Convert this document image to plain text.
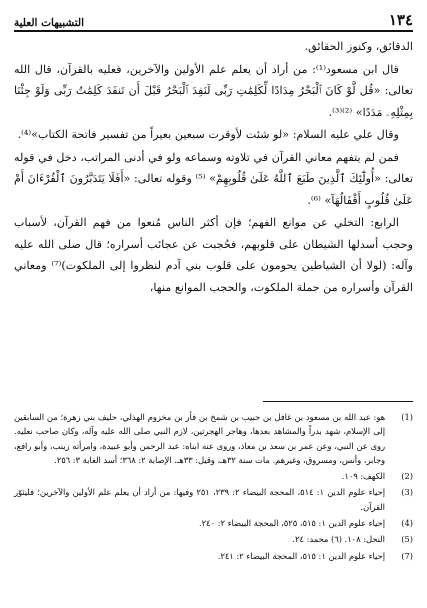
١٣٤
التشبيهات العلية

الدقائق، وكنوز الحقائق.

قال ابن مسعود⁽¹⁾: من أراد أن يعلم علم الأولين والآخرين، فعليه بالقرآن، قال الله تعالى: «قُل لَّوْ كَانَ ٱلْبَحْرُ مِدَادًا لِّكَلِمَٰتِ رَبِّى لَنَفِدَ ٱلْبَحْرُ قَبْلَ أَن تَنفَدَ كَلِمَٰتُ رَبِّى وَلَوْ جِئْنَا بِمِثْلِهِۦ مَدَدًا» ⁽²⁾⁽³⁾.

وقال علي عليه السلام: «لو شئت لأوقرت سبعين بعيراً من تفسير فاتحة الكتاب»⁽⁴⁾.

فمن لم يتفهم معاني القرآن في تلاوته وسماعه ولو في أدنى المراتب، دخل في قوله تعالى: «أُولَٰٓئِكَ ٱلَّذِينَ طَبَعَ ٱللَّهُ عَلَىٰ قُلُوبِهِمْ» ⁽⁵⁾ وقوله تعالى: «أَفَلَا يَتَدَبَّرُونَ ٱلْقُرْءَانَ أَمْ عَلَىٰ قُلُوبٍ أَقْفَالُهَآ» ⁽⁶⁾.

الرابع: التخلي عن موانع الفهم؛ فإن أكثر الناس مُنعوا من فهم القرآن، لأسباب وحجب أسدلها الشيطان على قلوبهم، فحُجبت عن عجائب أسراره؛ قال صلى الله عليه وآله: (لولا أن الشياطين يحومون على قلوب بني آدم لنظروا إلى الملكوت)⁽⁷⁾ ومعاني القرآن وأسراره من جملة الملكوت، والحجب الموانع منها،

(1)
هو: عبد الله بن مسعود بن غافل بن حبيب بن شمخ بن فأر بن مخزوم الهذلي، حليف بني زهرة؛ من السابقين إلى الإسلام، شهد بدراً والمشاهد بعدها، وهاجر الهجرتين، لازم النبي صلى الله عليه وآله، وكان صاحب نعليه. روى عن النبي، وعن عمر بن سعد بن معاذ، وروى عنه ابناه: عبد الرحمن وأبو عبيدة، وامرأته زينب، وأبو رافع، وجابر، وأنس، ومسروق، وغيرهم. مات سنة ٣٢هـ، وقيل: ٣٣هـ. الإصابة ٢: ٣٦٨؛ أسد الغابة ٣: ٢٥٦.
(2)
الكهف: ١٠٩.
(3)
إحياء علوم الدين ١: ٥١٤، المحجة البيضاء ٢: ٢٣٩، ٢٥١ وفيها: من أراد أن يعلم علم الأولين والآخرين؛ فليثوّر القرآن.
(4)
إحياء علوم الدين ١: ٥١٥، ٥٢٥، المحجة البيضاء ٢: ٢٤٠.
(5)
النحل: ١٠٨. (٦) محمد: ٢٤.
(7)
إحياء علوم الدين ١: ٥١٥، المحجة البيضاء ٢: ٢٤١.
